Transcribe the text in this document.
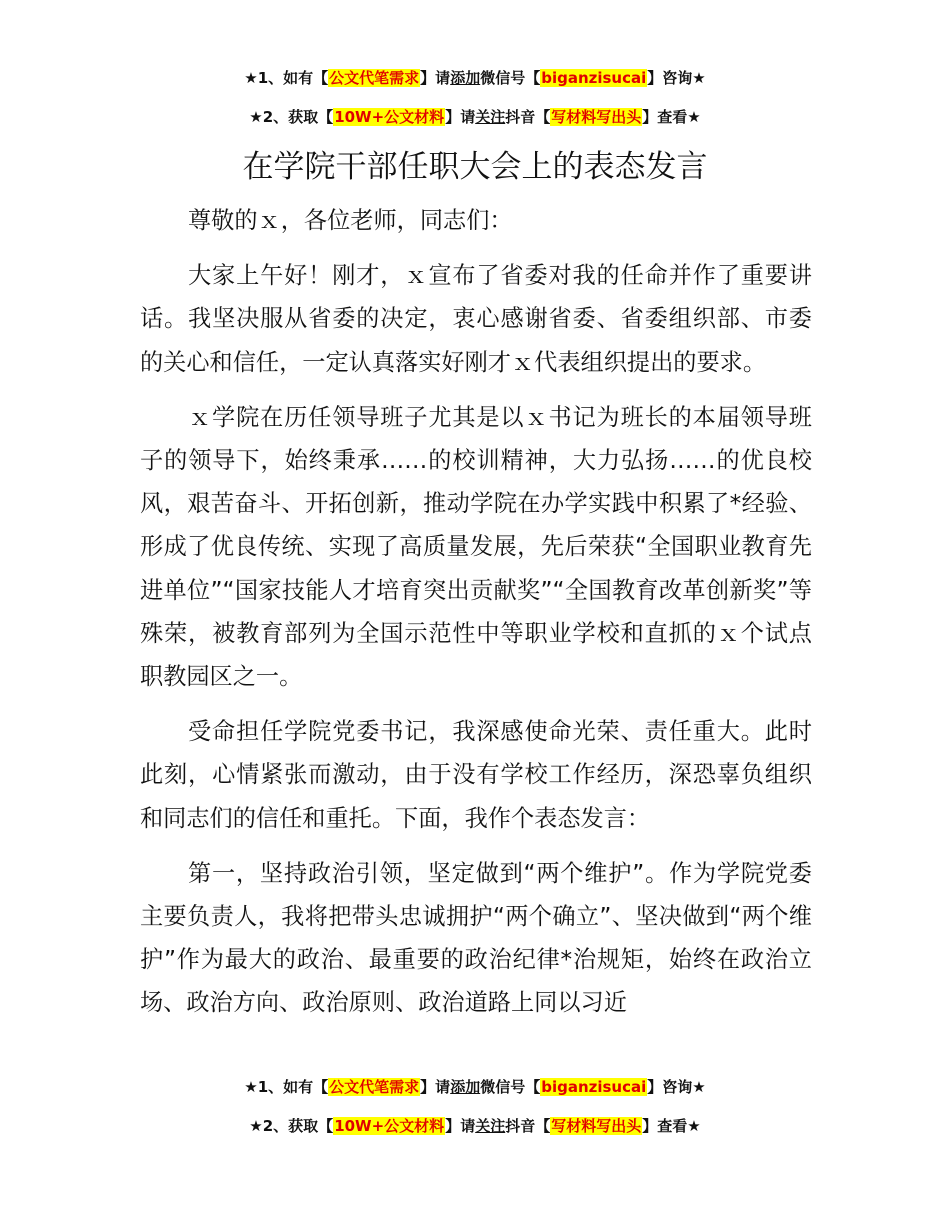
★1、如有【公文代笔需求】请添加微信号【biganzisucai】咨询★
★2、获取【10W+公文材料】请关注抖音【写材料写出头】查看★
在学院干部任职大会上的表态发言

尊敬的ｘ，各位老师，同志们：

大家上午好！刚才，ｘ宣布了省委对我的任命并作了重要讲话。我坚决服从省委的决定，衷心感谢省委、省委组织部、市委的关心和信任，一定认真落实好刚才ｘ代表组织提出的要求。

ｘ学院在历任领导班子尤其是以ｘ书记为班长的本届领导班子的领导下，始终秉承……的校训精神，大力弘扬……的优良校风，艰苦奋斗、开拓创新，推动学院在办学实践中积累了*经验、形成了优良传统、实现了高质量发展，先后荣获“全国职业教育先进单位”“国家技能人才培育突出贡献奖”“全国教育改革创新奖”等殊荣，被教育部列为全国示范性中等职业学校和直抓的ｘ个试点职教园区之一。

受命担任学院党委书记，我深感使命光荣、责任重大。此时此刻，心情紧张而激动，由于没有学校工作经历，深恐辜负组织和同志们的信任和重托。下面，我作个表态发言：

第一，坚持政治引领，坚定做到“两个维护”。作为学院党委主要负责人，我将把带头忠诚拥护“两个确立”、坚决做到“两个维护”作为最大的政治、最重要的政治纪律*治规矩，始终在政治立场、政治方向、政治原则、政治道路上同以习近

★1、如有【公文代笔需求】请添加微信号【biganzisucai】咨询★
★2、获取【10W+公文材料】请关注抖音【写材料写出头】查看★
